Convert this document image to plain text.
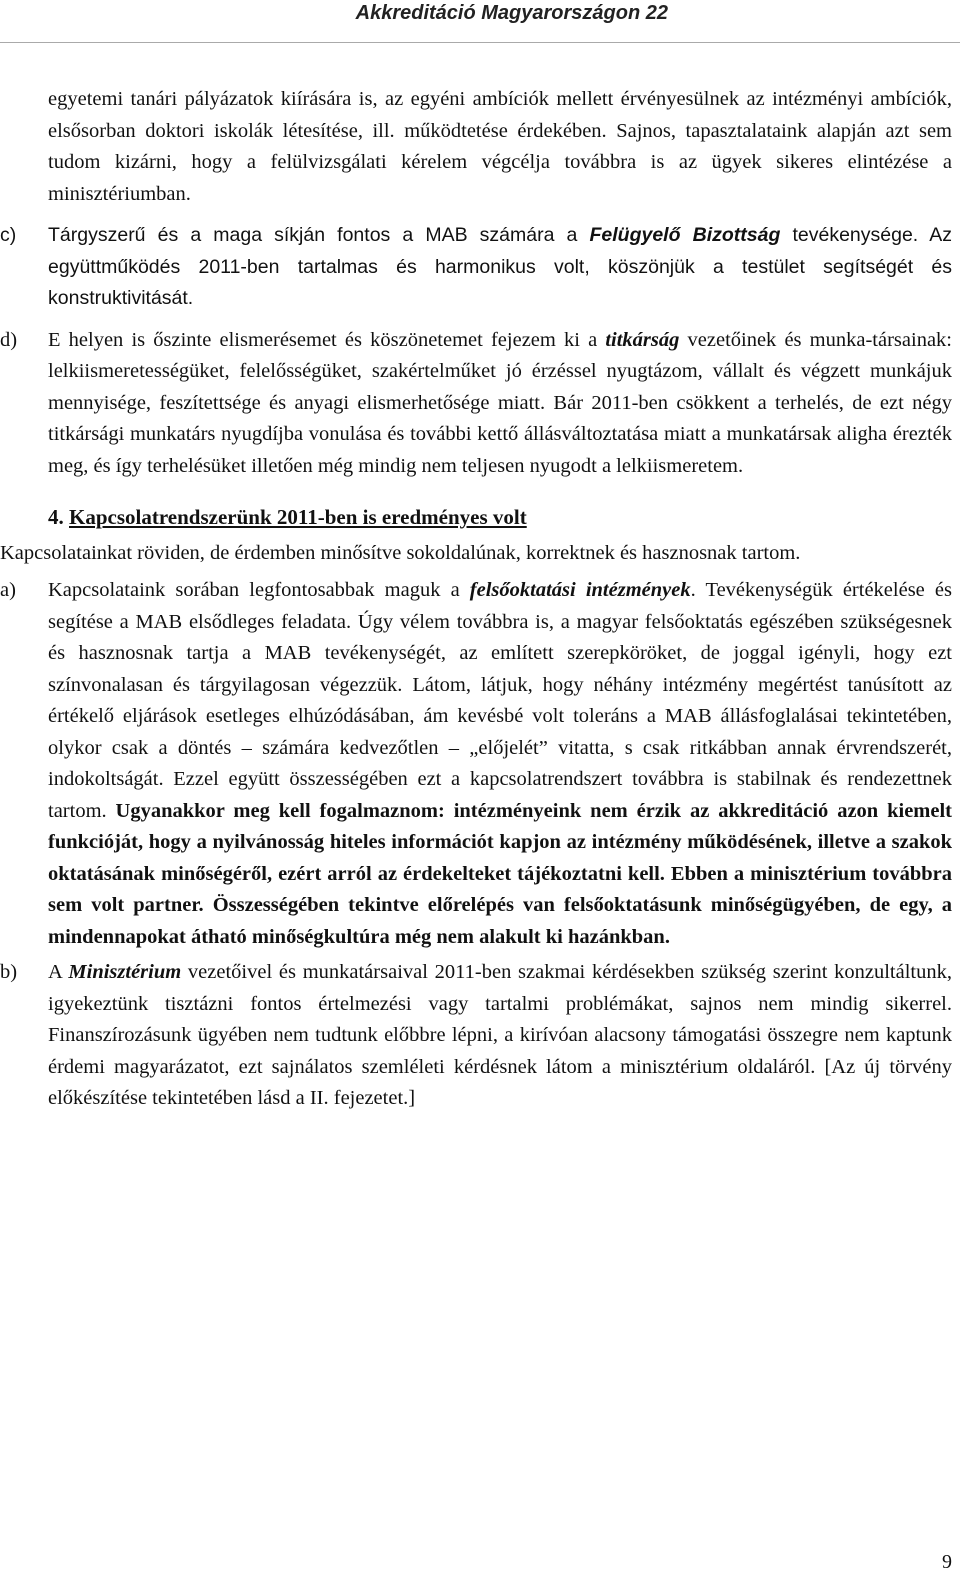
Akkreditáció Magyarországon 22

egyetemi tanári pályázatok kiírására is, az egyéni ambíciók mellett érvényesülnek az intézményi ambíciók, elsősorban doktori iskolák létesítése, ill. működtetése érdekében. Sajnos, tapasztalataink alapján azt sem tudom kizárni, hogy a felülvizsgálati kérelem végcélja továbbra is az ügyek sikeres elintézése a minisztériumban.

c) Tárgyszerű és a maga síkján fontos a MAB számára a Felügyelő Bizottság tevékenysége. Az együttműködés 2011-ben tartalmas és harmonikus volt, köszönjük a testület segítségét és konstruktivitását.
d) E helyen is őszinte elismerésemet és köszönetemet fejezem ki a titkárság vezetőinek és munka-társainak: lelkiismeretességüket, felelősségüket, szakértelműket jó érzéssel nyugtázom, vállalt és végzett munkájuk mennyisége, feszítettsége és anyagi elismerhetősége miatt. Bár 2011-ben csökkent a terhelés, de ezt négy titkársági munkatárs nyugdíjba vonulása és további kettő állásváltoztatása miatt a munkatársak aligha érezték meg, és így terhelésüket illetően még mindig nem teljesen nyugodt a lelkiismeretem.
4. Kapcsolatrendszerünk 2011-ben is eredményes volt

Kapcsolatainkat röviden, de érdemben minősítve sokoldalúnak, korrektnek és hasznosnak tartom.

a) Kapcsolataink sorában legfontosabbak maguk a felsőoktatási intézmények. Tevékenységük értékelése és segítése a MAB elsődleges feladata. Úgy vélem továbbra is, a magyar felsőoktatás egészében szükségesnek és hasznosnak tartja a MAB tevékenységét, az említett szerepköröket, de joggal igényli, hogy ezt színvonalasan és tárgyilagosan végezzük. Látom, látjuk, hogy néhány intézmény megértést tanúsított az értékelő eljárások esetleges elhúzódásában, ám kevésbé volt toleráns a MAB állásfoglalásai tekintetében, olykor csak a döntés – számára kedvezőtlen – „előjelét” vitatta, s csak ritkábban annak érvrendszerét, indokoltságát. Ezzel együtt összességében ezt a kapcsolatrendszert továbbra is stabilnak és rendezettnek tartom. Ugyanakkor meg kell fogalmaznom: intézményeink nem érzik az akkreditáció azon kiemelt funkcióját, hogy a nyilvánosság hiteles információt kapjon az intézmény működésének, illetve a szakok oktatásának minőségéről, ezért arról az érdekelteket tájékoztatni kell. Ebben a minisztérium továbbra sem volt partner. Összességében tekintve előrelépés van felsőoktatásunk minőségügyében, de egy, a mindennapokat átható minőségkultúra még nem alakult ki hazánkban.
b) A Minisztérium vezetőivel és munkatársaival 2011-ben szakmai kérdésekben szükség szerint konzultáltunk, igyekeztünk tisztázni fontos értelmezési vagy tartalmi problémákat, sajnos nem mindig sikerrel. Finanszírozásunk ügyében nem tudtunk előbbre lépni, a kirívóan alacsony támogatási összegre nem kaptunk érdemi magyarázatot, ezt sajnálatos szemléleti kérdésnek látom a minisztérium oldaláról. [Az új törvény előkészítése tekintetében lásd a II. fejezetet.]
9
